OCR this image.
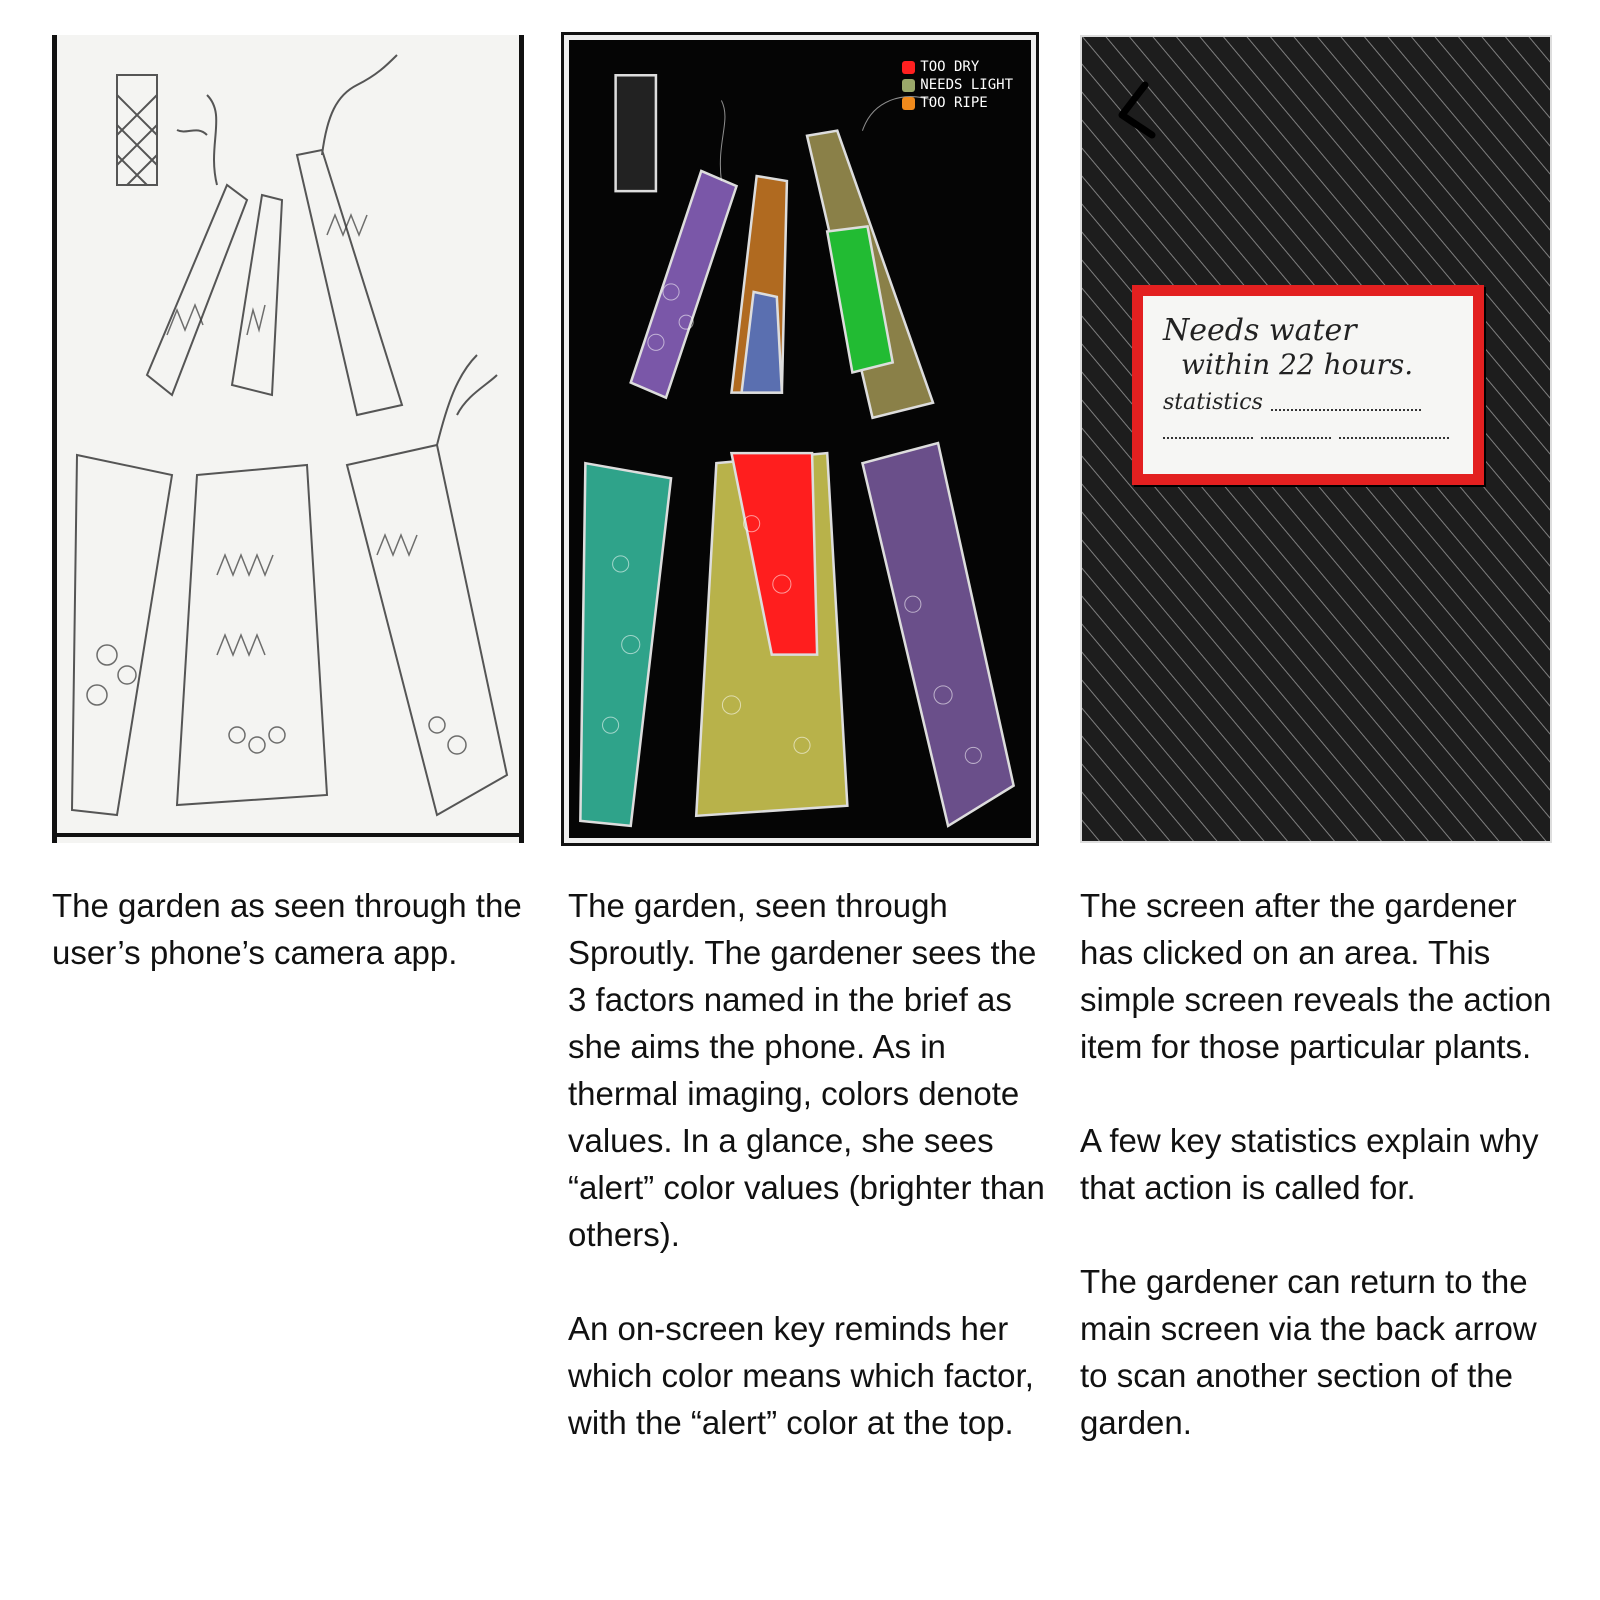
TOO DRY
NEEDS LIGHT
TOO RIPE
Needs water
within 22 hours.
statistics

The garden as seen through the user’s phone’s camera app.

The garden, seen through Sproutly. The gardener sees the 3 factors named in the brief as she aims the phone. As in thermal imaging, colors denote values. In a glance, she sees “alert” color values (brighter than others).

An on-screen key reminds her which color means which factor, with the “alert” color at the top.

The screen after the gardener has clicked on an area. This simple screen reveals the action item for those particular plants.

A few key statistics explain why that action is called for.

The gardener can return to the main screen via the back arrow to scan another section of the garden.
